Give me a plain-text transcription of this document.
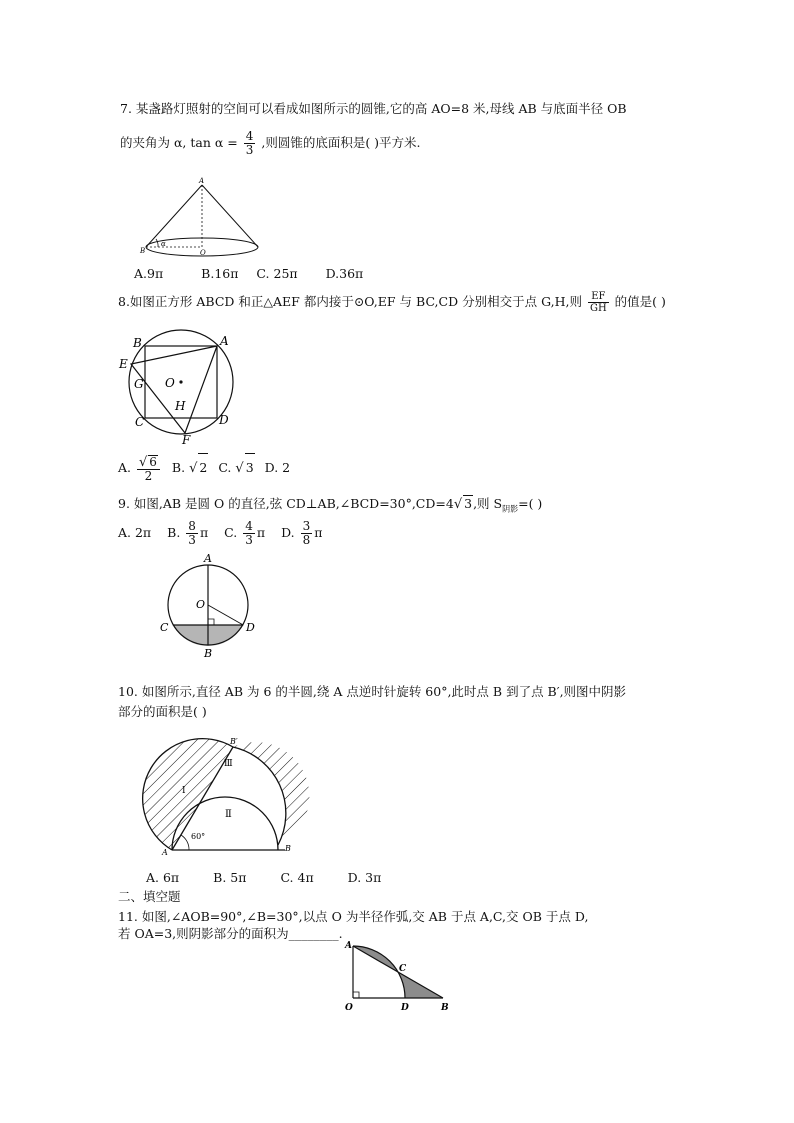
7. 某盏路灯照射的空间可以看成如图所示的圆锥,它的高 AO=8 米,母线 AB 与底面半径 OB
的夹角为 α, $\tan \alpha = \frac{4}{3}$ ,则圆锥的底面积是( )平方米.
A
B	O
α
A.9π	B.16π C. 25π D.36π
8.如图正方形 ABCD 和正△AEF 都内接于⊙O,EF 与 BC,CD 分别相交于点 G,H,则 $\frac{EF}{GH}$ 的值是( )
B	A
E
G O
H
C	D
F
A. $\frac{√ 6}{2} B$. √ 2 C. √ 3 D. 2
9. 如图,AB 是圆 O 的直径,弦 CD⊥AB,∠BCD=30°,CD=4√ 3,则 $S_{阴影}=$( )
A. 2π B. $\frac{8}{3}$ π C. $\frac{4}{3}$ π D. $\frac{3}{8}$ π
A
O
C	D
B
10. 如图所示,直径 AB 为 6 的半圆,绕 A 点逆时针旋转 60°,此时点 B 到了点 B′,则图中阴影
部分的面积是( )
B′
Ⅲ
Ⅰ
Ⅱ
60°
A	B
A. 6π	B. 5π	C. 4π	D. 3π
二、填空题
11. 如图,∠AOB=90°,∠B=30°,以点 O 为半径作弧,交 AB 于点 A,C,交 OB 于点 D,
若 OA=3,则阴影部分的面积为________.
A
C
O	D	B
